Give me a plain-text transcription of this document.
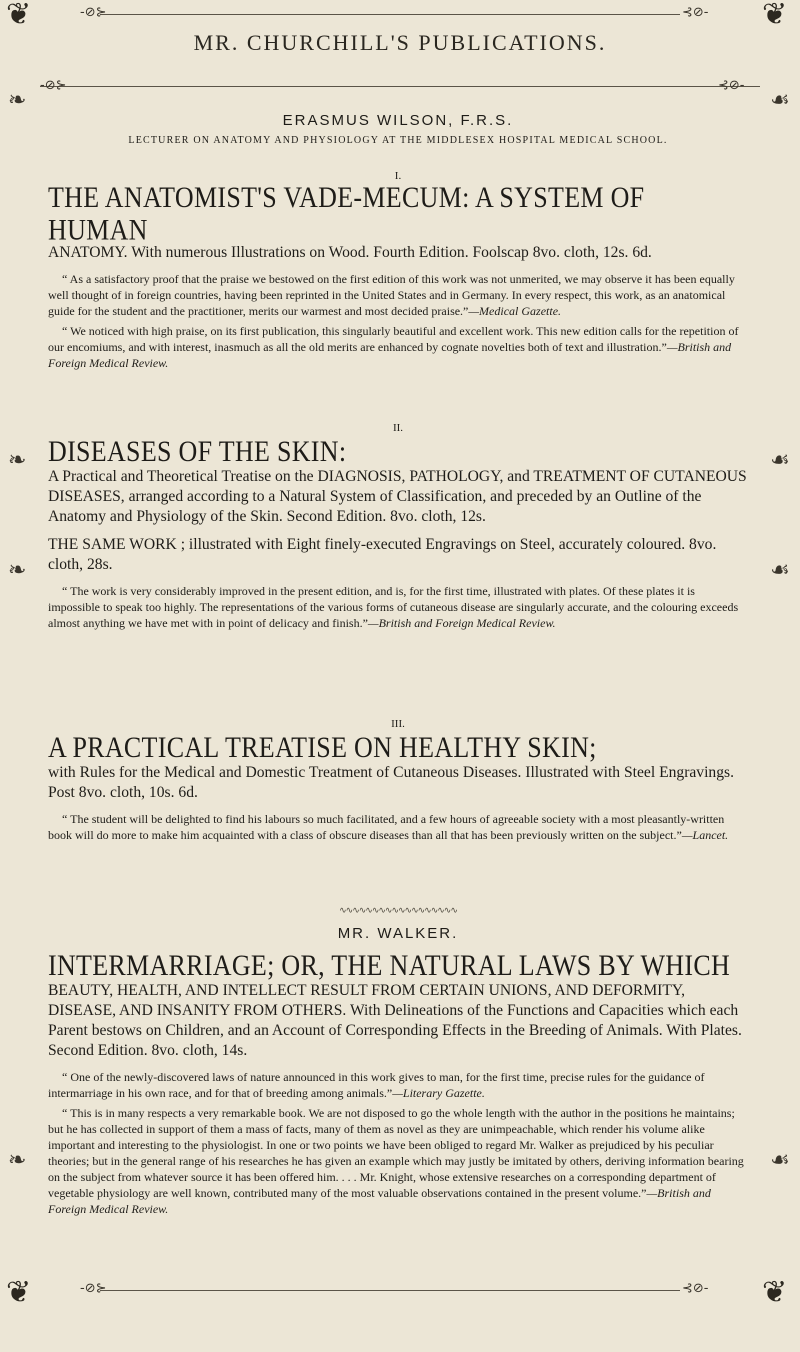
❦	❦
❦	❦
❧
❧
❧
❧
☙
☙
☙
☙
-⊘⊱	⊰⊘-
MR. CHURCHILL'S PUBLICATIONS.
-⊘⊱	⊰⊘-

ERASMUS WILSON, F.R.S.

LECTURER ON ANATOMY AND PHYSIOLOGY AT THE MIDDLESEX HOSPITAL MEDICAL SCHOOL.

I.

THE ANATOMIST'S VADE-MECUM: A SYSTEM OF HUMAN

ANATOMY. With numerous Illustrations on Wood. Fourth Edition. Foolscap 8vo. cloth, 12s. 6d.

“ As a satisfactory proof that the praise we bestowed on the first edition of this work was not unmerited, we may observe it has been equally well thought of in foreign countries, having been reprinted in the United States and in Germany. In every respect, this work, as an anatomical guide for the student and the practitioner, merits our warmest and most decided praise.”—Medical Gazette.

“ We noticed with high praise, on its first publication, this singularly beautiful and excellent work. This new edition calls for the repetition of our encomiums, and with interest, inasmuch as all the old merits are enhanced by cognate novelties both of text and illustration.”—British and Foreign Medical Review.

II.

DISEASES OF THE SKIN:

A Practical and Theoretical Treatise on the DIAGNOSIS, PATHOLOGY, and TREATMENT OF CUTANEOUS DISEASES, arranged according to a Natural System of Classification, and preceded by an Outline of the Anatomy and Physiology of the Skin. Second Edition. 8vo. cloth, 12s.

THE SAME WORK ; illustrated with Eight finely-executed Engravings on Steel, accurately coloured. 8vo. cloth, 28s.

“ The work is very considerably improved in the present edition, and is, for the first time, illustrated with plates. Of these plates it is impossible to speak too highly. The representations of the various forms of cutaneous disease are singularly accurate, and the colouring exceeds almost anything we have met with in point of delicacy and finish.”—British and Foreign Medical Review.

III.

A PRACTICAL TREATISE ON HEALTHY SKIN;

with Rules for the Medical and Domestic Treatment of Cutaneous Diseases. Illustrated with Steel Engravings. Post 8vo. cloth, 10s. 6d.

“ The student will be delighted to find his labours so much facilitated, and a few hours of agreeable society with a most pleasantly-written book will do more to make him acquainted with a class of obscure diseases than all that has been previously written on the subject.”—Lancet.

∿∿∿∿∿∿∿∿∿∿∿∿∿∿∿∿∿∿

MR. WALKER.

INTERMARRIAGE; OR, THE NATURAL LAWS BY WHICH

BEAUTY, HEALTH, AND INTELLECT RESULT FROM CERTAIN UNIONS, AND DEFORMITY, DISEASE, AND INSANITY FROM OTHERS. With Delineations of the Functions and Capacities which each Parent bestows on Children, and an Account of Corresponding Effects in the Breeding of Animals. With Plates. Second Edition. 8vo. cloth, 14s.

“ One of the newly-discovered laws of nature announced in this work gives to man, for the first time, precise rules for the guidance of intermarriage in his own race, and for that of breeding among animals.”—Literary Gazette.

“ This is in many respects a very remarkable book. We are not disposed to go the whole length with the author in the positions he maintains; but he has collected in support of them a mass of facts, many of them as novel as they are unimpeachable, which render his volume alike important and interesting to the physiologist. In one or two points we have been obliged to regard Mr. Walker as prejudiced by his peculiar theories; but in the general range of his researches he has given an example which may justly be imitated by others, deriving information bearing on the subject from whatever source it has been offered him. . . . Mr. Knight, whose extensive researches on a corresponding department of vegetable physiology are well known, contributed many of the most valuable observations contained in the present volume.”—British and Foreign Medical Review.

-⊘⊱	⊰⊘-
